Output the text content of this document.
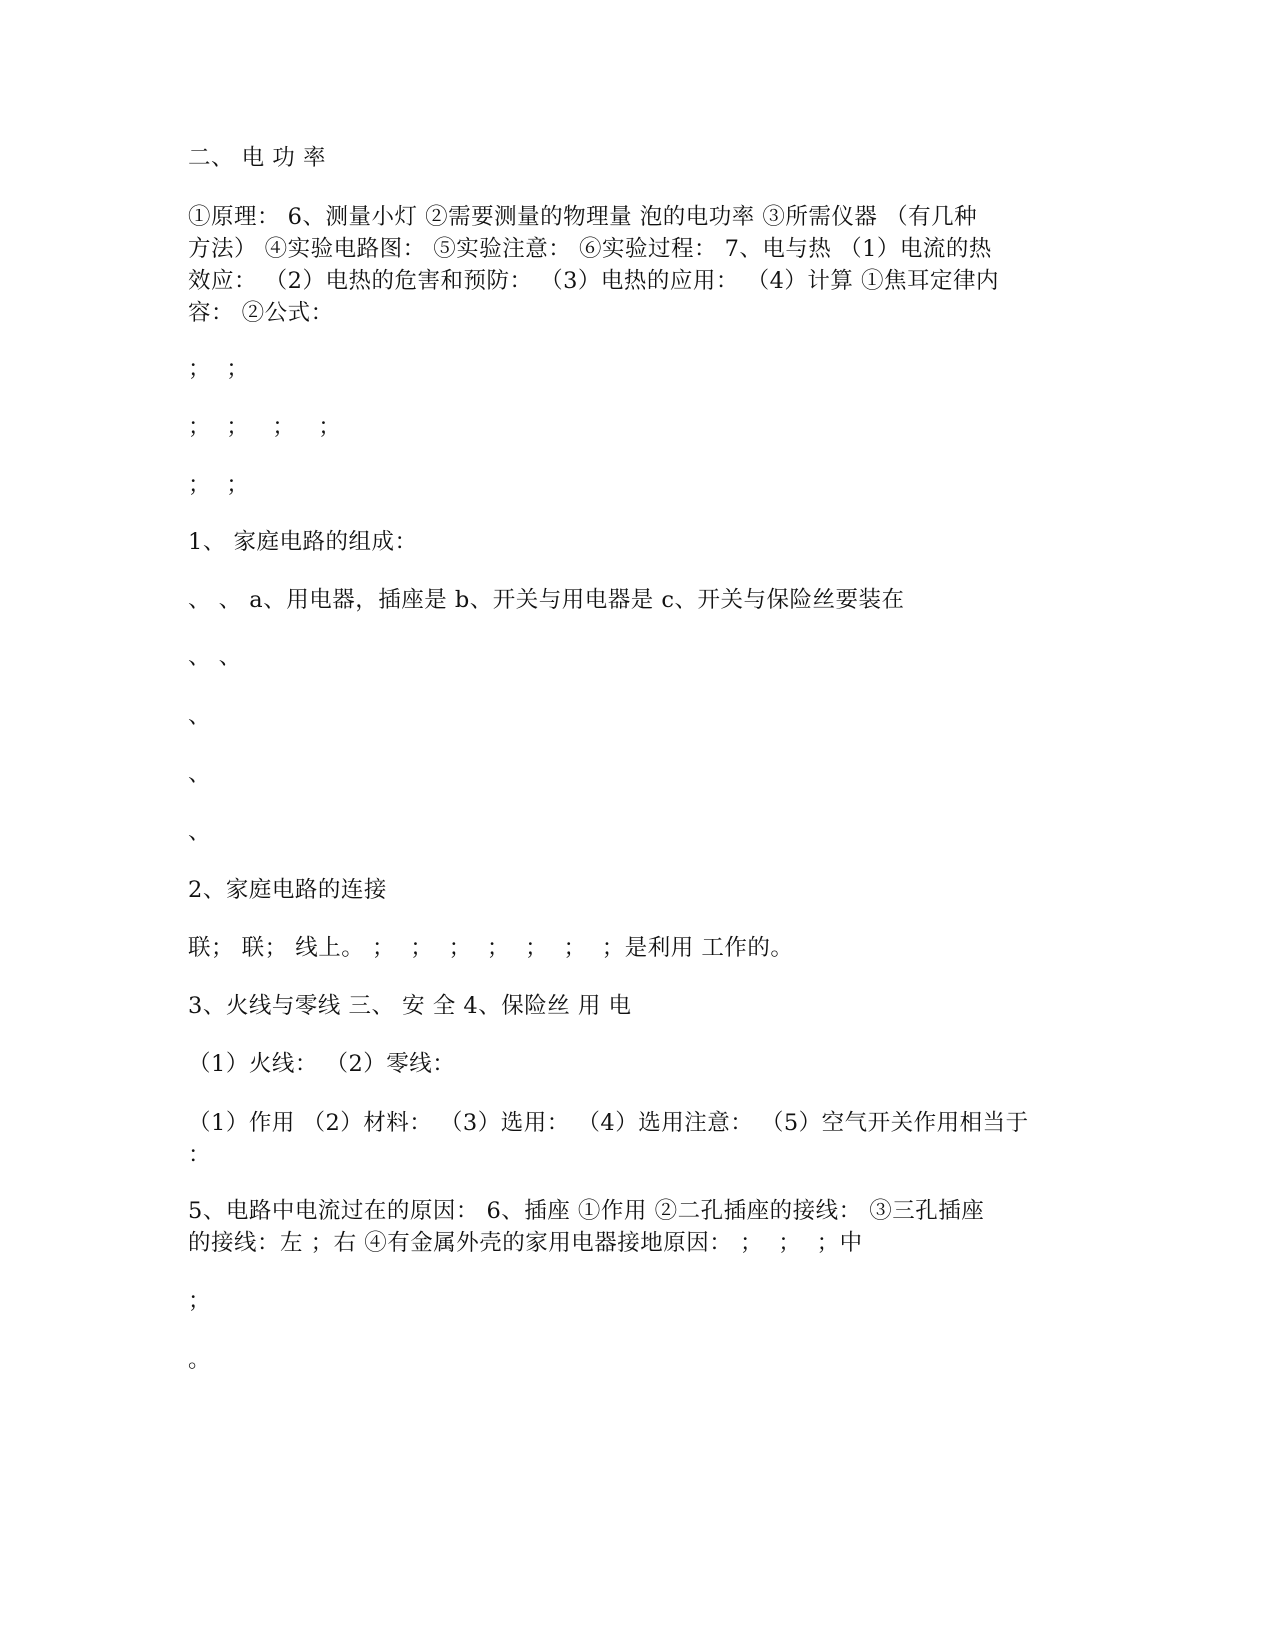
二、 电 功 率
①原理： 6、测量小灯 ②需要测量的物理量 泡的电功率 ③所需仪器 （有几种
方法） ④实验电路图： ⑤实验注意： ⑥实验过程： 7、电与热 （1）电流的热
效应： （2）电热的危害和预防： （3）电热的应用： （4）计算 ①焦耳定律内
容： ②公式：
；  ；
；  ；   ；   ；
；  ；
1、 家庭电路的组成：
、 、 a、用电器，插座是 b、开关与用电器是 c、开关与保险丝要装在
、 、
、
、
、
2、家庭电路的连接
联； 联； 线上。 ；  ；  ；  ；  ；  ；  ；是利用 工作的。
3、火线与零线 三、 安 全 4、保险丝 用 电
（1）火线： （2）零线：
（1）作用 （2）材料： （3）选用： （4）选用注意： （5）空气开关作用相当于
：
5、电路中电流过在的原因： 6、插座 ①作用 ②二孔插座的接线： ③三孔插座
的接线：左 ；右 ④有金属外壳的家用电器接地原因： ；  ；  ；中
；
。
